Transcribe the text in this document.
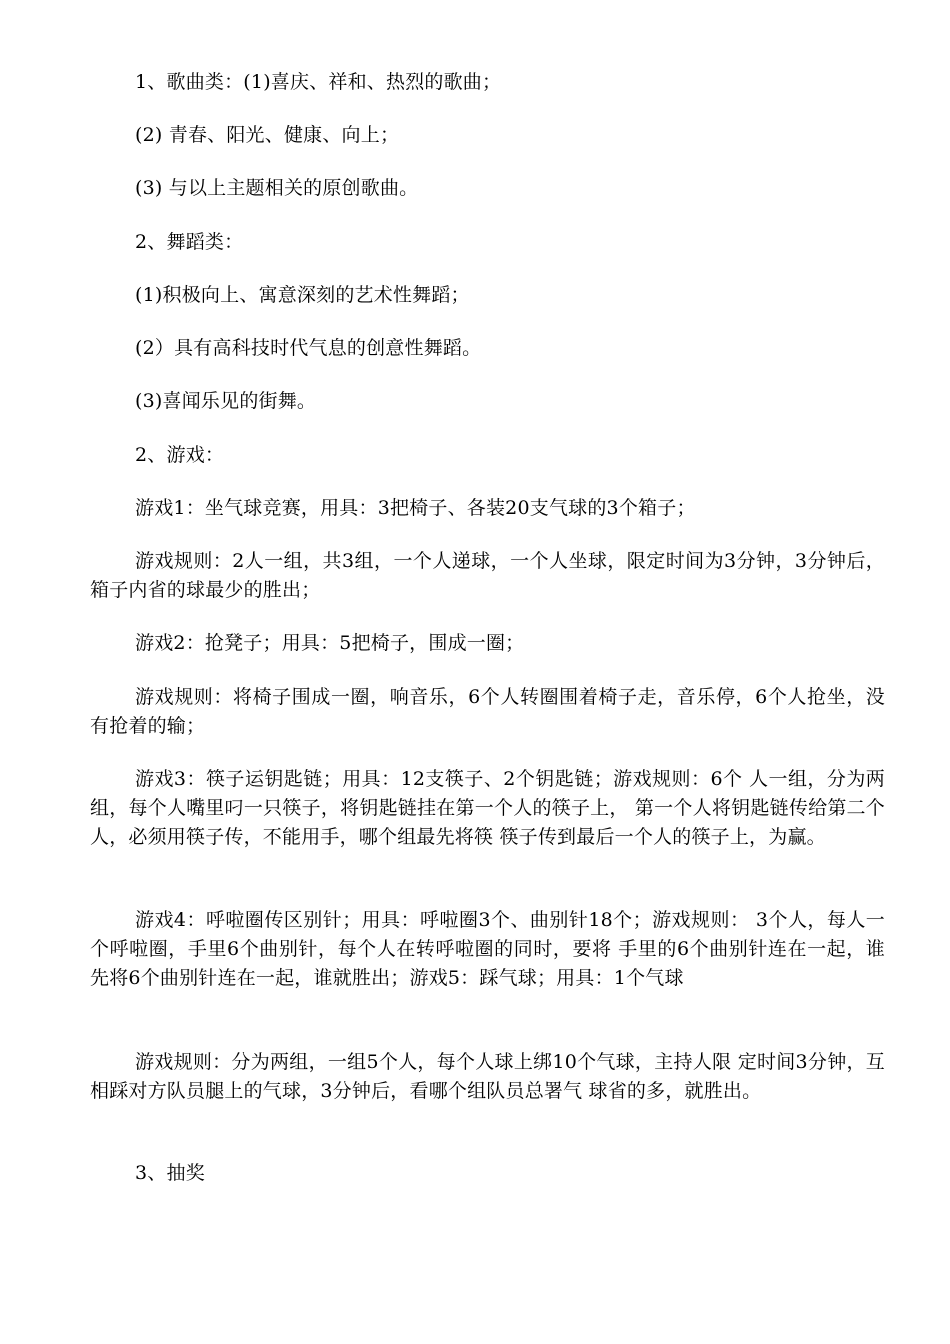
1、歌曲类：(1)喜庆、祥和、热烈的歌曲；

(2) 青春、阳光、健康、向上；

(3) 与以上主题相关的原创歌曲。

2、舞蹈类：

(1)积极向上、寓意深刻的艺术性舞蹈；

(2）具有高科技时代气息的创意性舞蹈。

(3)喜闻乐见的街舞。

2、游戏：

游戏1：坐气球竞赛，用具：3把椅子、各装20支气球的3个箱子；

游戏规则：2人一组，共3组，一个人递球，一个人坐球，限定时间为3分钟，3分钟后，箱子内省的球最少的胜出；

游戏2：抢凳子；用具：5把椅子，围成一圈；

游戏规则：将椅子围成一圈，响音乐，6个人转圈围着椅子走，音乐停，6个人抢坐，没有抢着的输；

游戏3：筷子运钥匙链；用具：12支筷子、2个钥匙链；游戏规则：6个 人一组，分为两组，每个人嘴里叼一只筷子，将钥匙链挂在第一个人的筷子上， 第一个人将钥匙链传给第二个人，必须用筷子传，不能用手，哪个组最先将筷 筷子传到最后一个人的筷子上，为赢。

游戏4：呼啦圈传区别针；用具：呼啦圈3个、曲别针18个；游戏规则： 3个人，每人一个呼啦圈，手里6个曲别针，每个人在转呼啦圈的同时，要将 手里的6个曲别针连在一起，谁先将6个曲别针连在一起，谁就胜出；游戏5：踩气球；用具：1个气球

游戏规则：分为两组，一组5个人，每个人球上绑10个气球，主持人限 定时间3分钟，互相踩对方队员腿上的气球，3分钟后，看哪个组队员总署气 球省的多，就胜出。

3、抽奖
